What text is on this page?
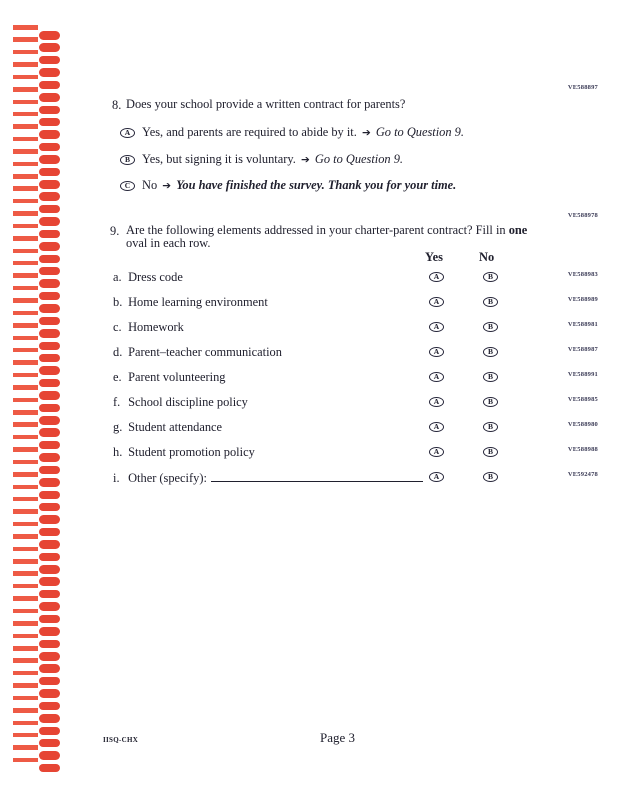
VE588897
8. Does your school provide a written contract for parents?
A Yes, and parents are required to abide by it. ➔ Go to Question 9.
B Yes, but signing it is voluntary. ➔ Go to Question 9.
C No ➔ You have finished the survey. Thank you for your time.
VE588978
9. Are the following elements addressed in your charter-parent contract? Fill in one
oval in each row.
Yes	No
a. Dress code	A	B	VE588983
b. Home learning environment	A	B	VE588989
c. Homework	A	B	VE588981
d. Parent–teacher communication	A	B	VE588987
e. Parent volunteering	A	B	VE588991
f. School discipline policy	A	B	VE588985
g. Student attendance	A	B	VE588980
h. Student promotion policy	A	B	VE588988
i. Other (specify):	A	B	VE592478
IISQ-CHX	Page 3
